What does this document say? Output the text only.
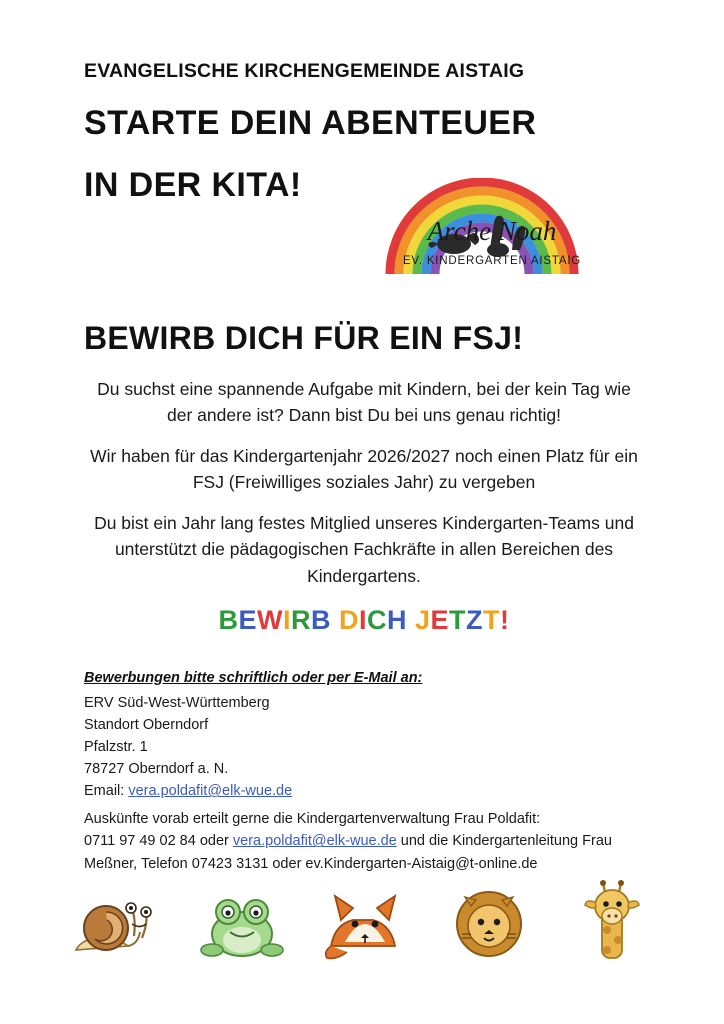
EVANGELISCHE KIRCHENGEMEINDE AISTAIG
STARTE DEIN ABENTEUER
IN DER KITA!
Arche Noah
EV. KINDERGARTEN AISTAIG
BEWIRB DICH FÜR EIN FSJ!
Du suchst eine spannende Aufgabe mit Kindern, bei der kein Tag wie der andere ist? Dann bist Du bei uns genau richtig!
Wir haben für das Kindergartenjahr 2026/2027 noch einen Platz für ein FSJ (Freiwilliges soziales Jahr) zu vergeben
Du bist ein Jahr lang festes Mitglied unseres Kindergarten-Teams und unterstützt die pädagogischen Fachkräfte in allen Bereichen des Kindergartens.
BEWIRB DICH JETZT!
Bewerbungen bitte schriftlich oder per E-Mail an:
ERV Süd-West-Württemberg
Standort Oberndorf
Pfalzstr. 1
78727 Oberndorf a. N.
Email: vera.poldafit@elk-wue.de
Auskünfte vorab erteilt gerne die Kindergartenverwaltung Frau Poldafit:
0711 97 49 02 84 oder vera.poldafit@elk-wue.de und die Kindergartenleitung Frau
Meßner, Telefon 07423 3131 oder ev.Kindergarten-Aistaig@t-online.de
